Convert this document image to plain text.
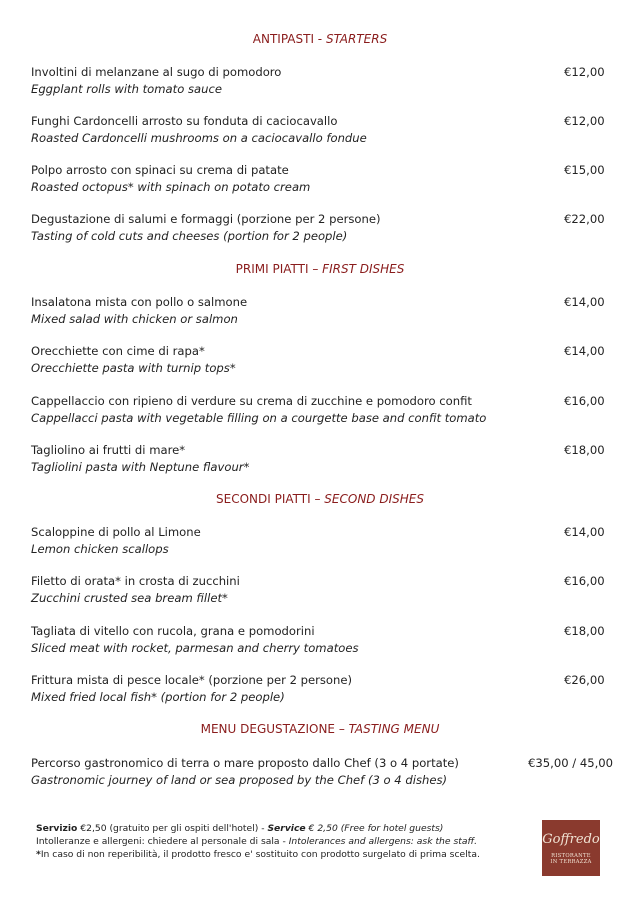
ANTIPASTI - STARTERS
Involtini di melanzane al sugo di pomodoro
Eggplant rolls with tomato sauce
€12,00
Funghi Cardoncelli arrosto su fonduta di caciocavallo
Roasted Cardoncelli mushrooms on a caciocavallo fondue
€12,00
Polpo arrosto con spinaci su crema di patate
Roasted octopus* with spinach on potato cream
€15,00
Degustazione di salumi e formaggi (porzione per 2 persone)
Tasting of cold cuts and cheeses (portion for 2 people)
€22,00
PRIMI PIATTI – FIRST DISHES
Insalatona mista con pollo o salmone
Mixed salad with chicken or salmon
€14,00
Orecchiette con cime di rapa*
Orecchiette pasta with turnip tops*
€14,00
Cappellaccio con ripieno di verdure su crema di zucchine e pomodoro confit
Cappellacci pasta with vegetable filling on a courgette base and confit tomato
€16,00
Tagliolino ai frutti di mare*
Tagliolini pasta with Neptune flavour*
€18,00
SECONDI PIATTI – SECOND DISHES
Scaloppine di pollo al Limone
Lemon chicken scallops
€14,00
Filetto di orata* in crosta di zucchini
Zucchini crusted sea bream fillet*
€16,00
Tagliata di vitello con rucola, grana e pomodorini
Sliced meat with rocket, parmesan and cherry tomatoes
€18,00
Frittura mista di pesce locale* (porzione per 2 persone)
Mixed fried local fish* (portion for 2 people)
€26,00
MENU DEGUSTAZIONE – TASTING MENU
Percorso gastronomico di terra o mare proposto dallo Chef (3 o 4 portate)
Gastronomic journey of land or sea proposed by the Chef (3 o 4 dishes)
€35,00 / 45,00
Servizio €2,50 (gratuito per gli ospiti dell'hotel) - Service € 2,50 (Free for hotel guests)
Intolleranze e allergeni: chiedere al personale di sala - Intolerances and allergens: ask the staff.
*In caso di non reperibilità, il prodotto fresco e' sostituito con prodotto surgelato di prima scelta.
Goffredo
RISTORANTE
IN TERRAZZA
